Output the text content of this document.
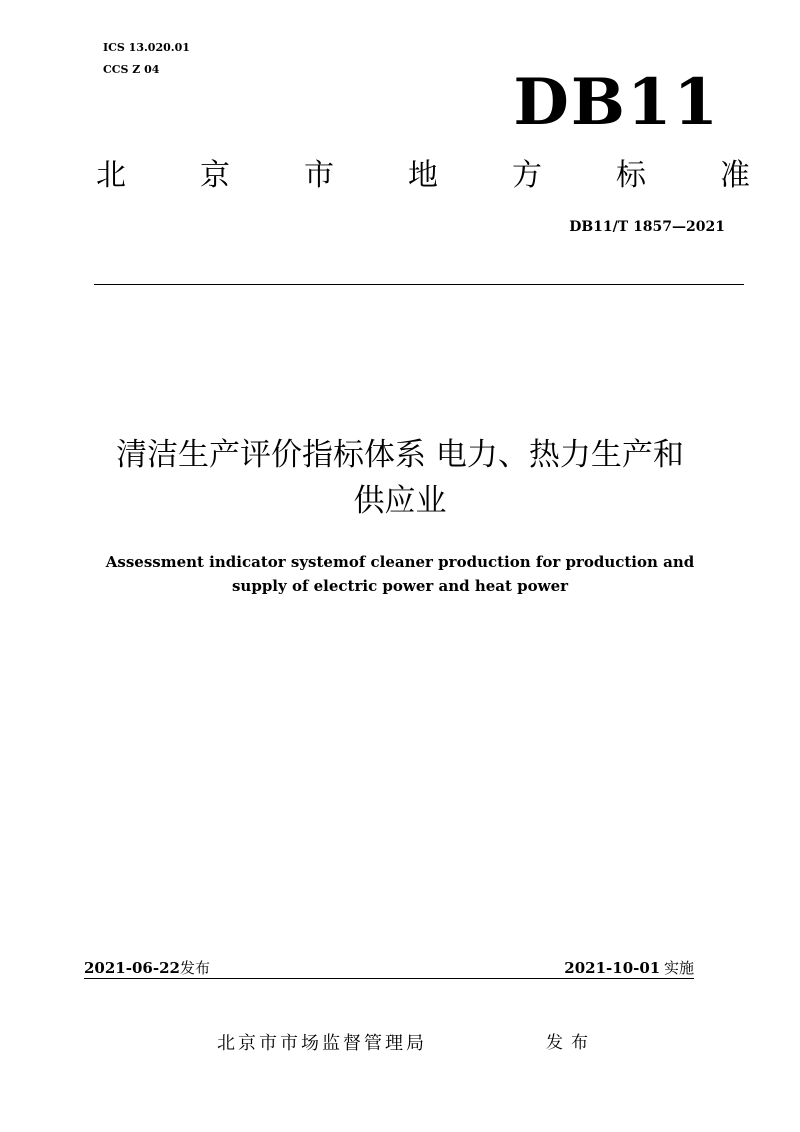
ICS 13.020.01
CCS Z 04	DB11
北 京 市 地 方 标 准
DB11/T 1857—2021
清洁生产评价指标体系 电力、热力生产和
供应业
Assessment indicator systemof cleaner production for production and
supply of electric power and heat power
2021-06-22发布	2021-10-01 实施
北京市市场监督管理局	发布
